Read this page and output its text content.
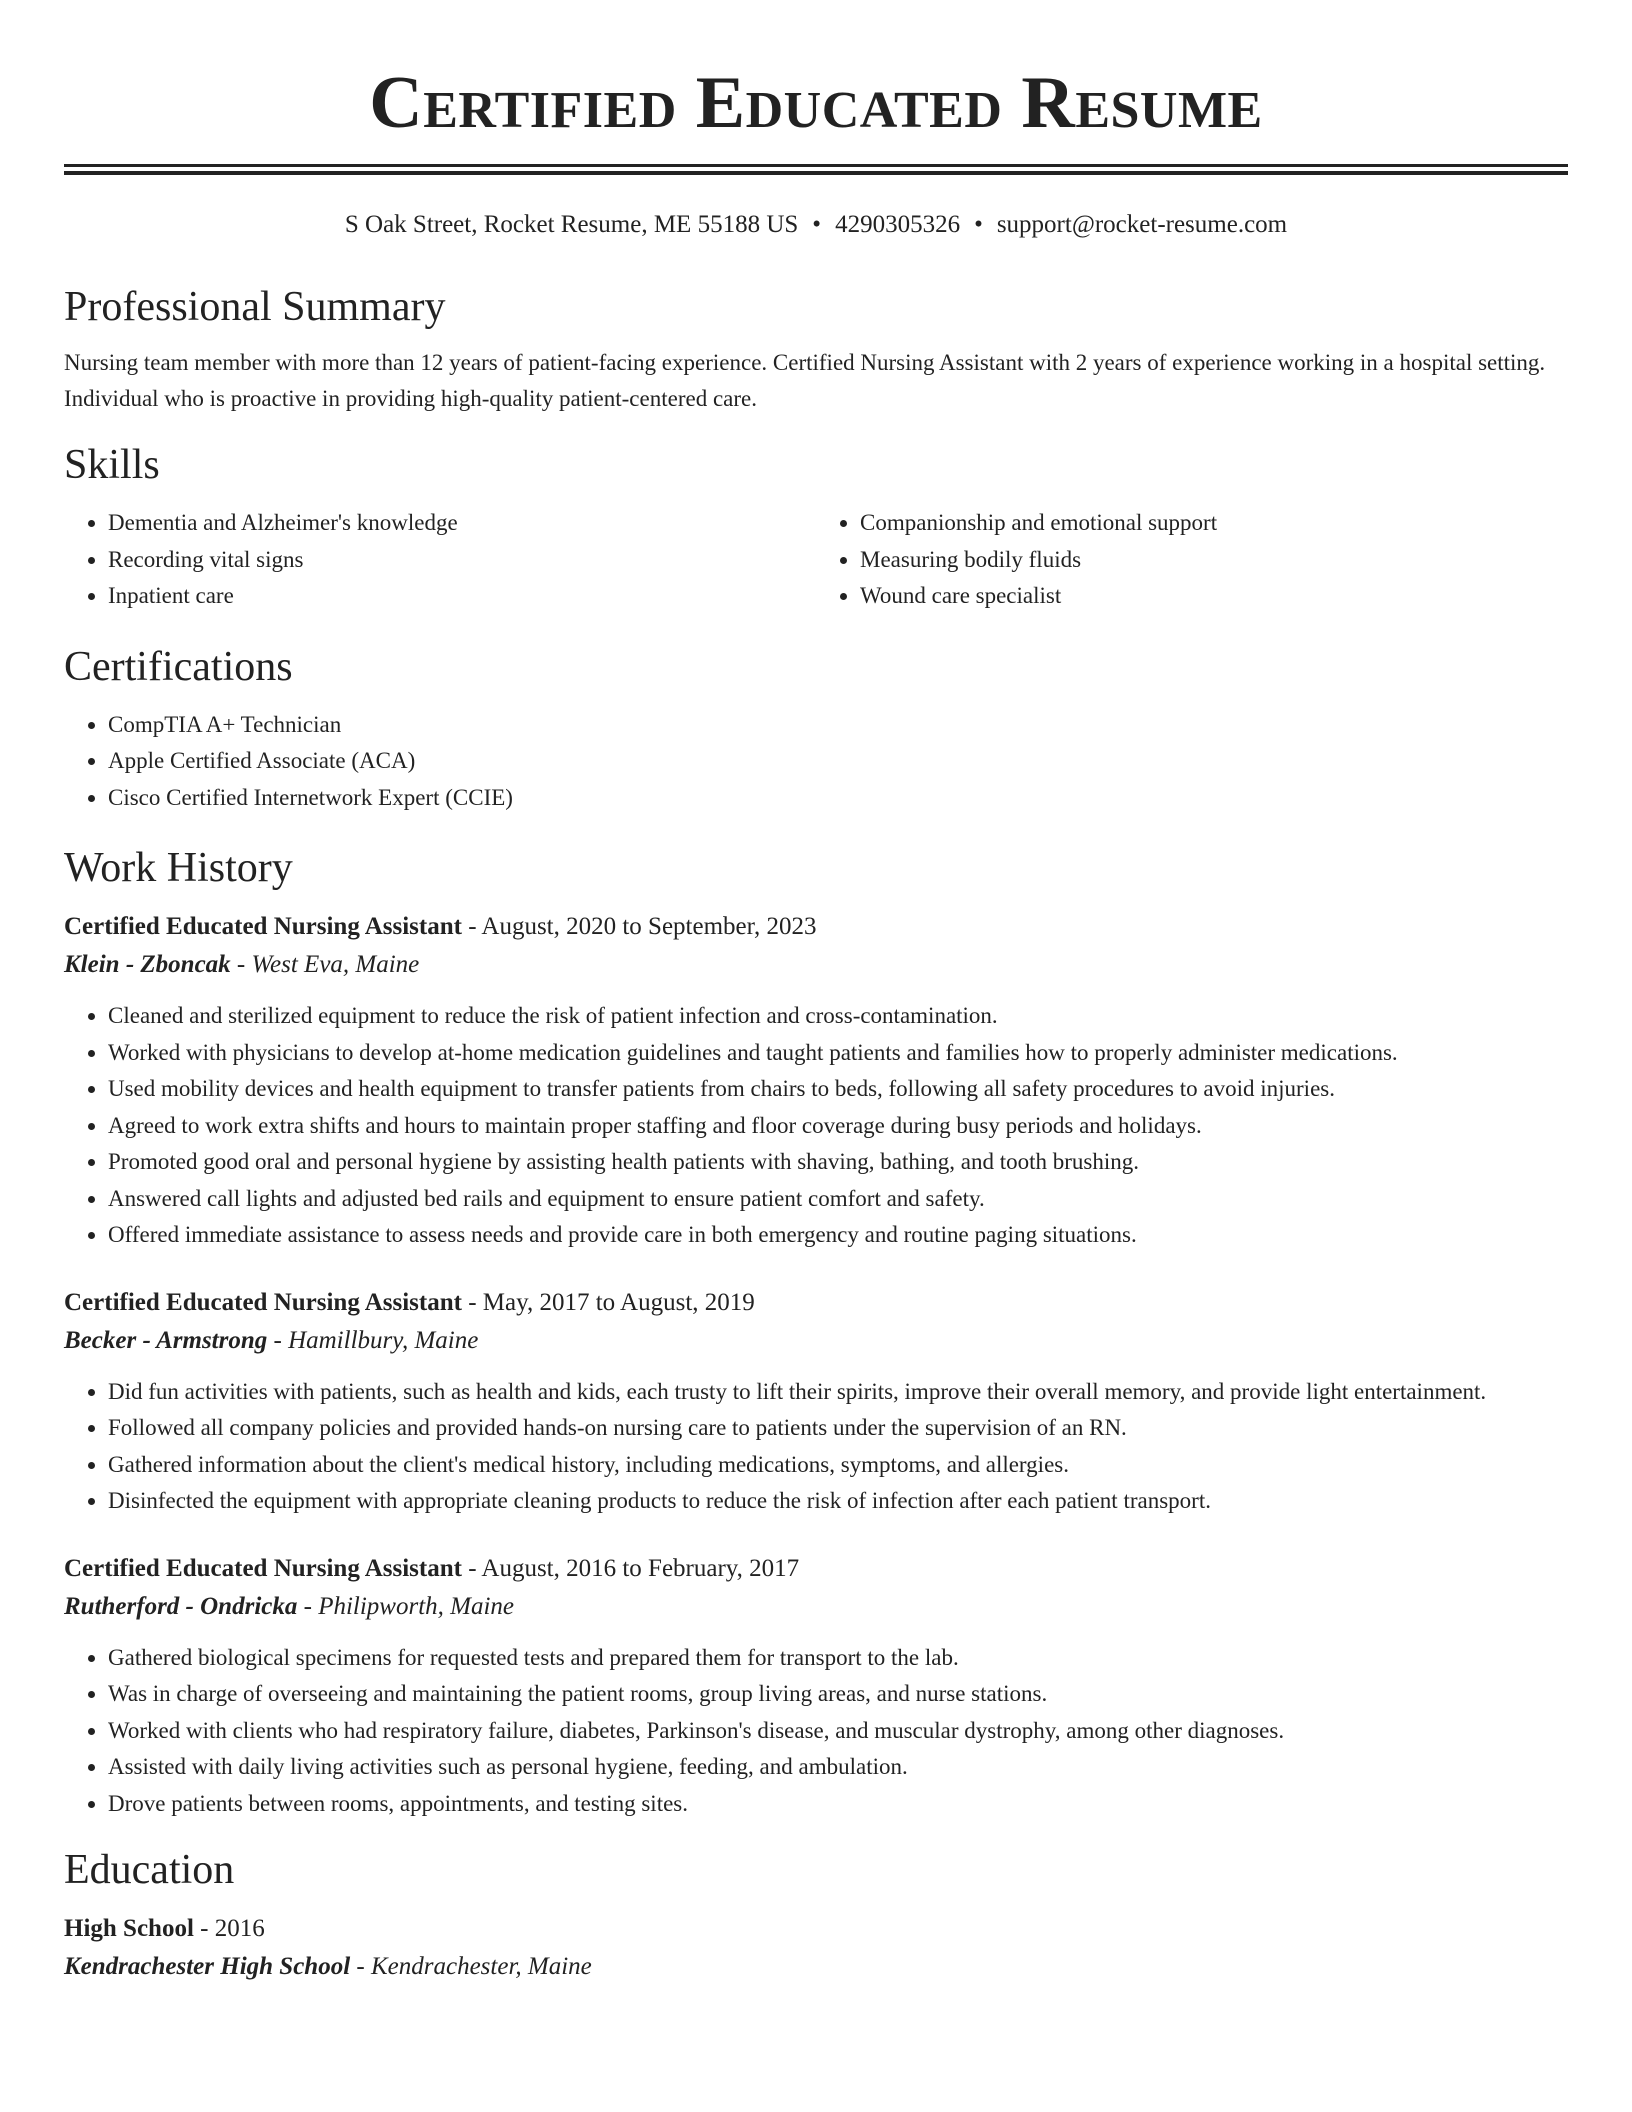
Certified Educated Resume
S Oak Street, Rocket Resume, ME 55188 US • 4290305326 • support@rocket-resume.com
Professional Summary

Nursing team member with more than 12 years of patient-facing experience. Certified Nursing Assistant with 2 years of experience working in a hospital setting. Individual who is proactive in providing high-quality patient-centered care.

Skills
• Dementia and Alzheimer's knowledge
• Recording vital signs
• Inpatient care
• Companionship and emotional support
• Measuring bodily fluids
• Wound care specialist
Certifications
• CompTIA A+ Technician
• Apple Certified Associate (ACA)
• Cisco Certified Internetwork Expert (CCIE)
Work History
Certified Educated Nursing Assistant - August, 2020 to September, 2023
Klein - Zboncak - West Eva, Maine
• Cleaned and sterilized equipment to reduce the risk of patient infection and cross-contamination.
• Worked with physicians to develop at-home medication guidelines and taught patients and families how to properly administer medications.
• Used mobility devices and health equipment to transfer patients from chairs to beds, following all safety procedures to avoid injuries.
• Agreed to work extra shifts and hours to maintain proper staffing and floor coverage during busy periods and holidays.
• Promoted good oral and personal hygiene by assisting health patients with shaving, bathing, and tooth brushing.
• Answered call lights and adjusted bed rails and equipment to ensure patient comfort and safety.
• Offered immediate assistance to assess needs and provide care in both emergency and routine paging situations.
Certified Educated Nursing Assistant - May, 2017 to August, 2019
Becker - Armstrong - Hamillbury, Maine
• Did fun activities with patients, such as health and kids, each trusty to lift their spirits, improve their overall memory, and provide light entertainment.
• Followed all company policies and provided hands-on nursing care to patients under the supervision of an RN.
• Gathered information about the client's medical history, including medications, symptoms, and allergies.
• Disinfected the equipment with appropriate cleaning products to reduce the risk of infection after each patient transport.
Certified Educated Nursing Assistant - August, 2016 to February, 2017
Rutherford - Ondricka - Philipworth, Maine
• Gathered biological specimens for requested tests and prepared them for transport to the lab.
• Was in charge of overseeing and maintaining the patient rooms, group living areas, and nurse stations.
• Worked with clients who had respiratory failure, diabetes, Parkinson's disease, and muscular dystrophy, among other diagnoses.
• Assisted with daily living activities such as personal hygiene, feeding, and ambulation.
• Drove patients between rooms, appointments, and testing sites.
Education
High School - 2016
Kendrachester High School - Kendrachester, Maine
